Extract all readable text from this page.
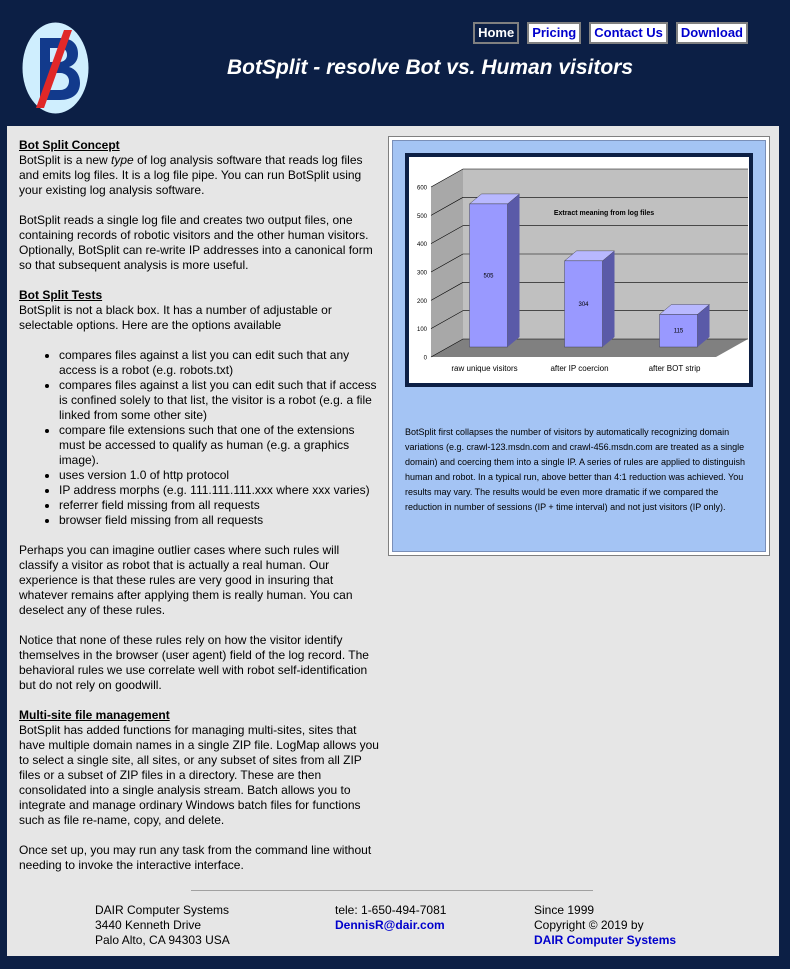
BotSplit - resolve Bot vs. Human visitors
Home	Pricing	Contact Us	Download
Bot Split Concept

BotSplit is a new type of log analysis software that reads log files and emits log files. It is a log file pipe. You can run BotSplit using your existing log analysis software.

BotSplit reads a single log file and creates two output files, one containing records of robotic visitors and the other human visitors. Optionally, BotSplit can re-write IP addresses into a canonical form so that subsequent analysis is more useful.

Bot Split Tests

BotSplit is not a black box. It has a number of adjustable or selectable options. Here are the options available

• compares files against a list you can edit such that any access is a robot (e.g. robots.txt)
• compares files against a list you can edit such that if access is confined solely to that list, the visitor is a robot (e.g. a file linked from some other site)
• compare file extensions such that one of the extensions must be accessed to qualify as human (e.g. a graphics image).
• uses version 1.0 of http protocol
• IP address morphs (e.g. 111.111.111.xxx where xxx varies)
• referrer field missing from all requests
• browser field missing from all requests

Perhaps you can imagine outlier cases where such rules will classify a visitor as robot that is actually a real human. Our experience is that these rules are very good in insuring that whatever remains after applying them is really human. You can deselect any of these rules.

Notice that none of these rules rely on how the visitor identify themselves in the browser (user agent) field of the log record. The behavioral rules we use correlate well with robot self-identification but do not rely on goodwill.

Multi-site file management

BotSplit has added functions for managing multi-sites, sites that have multiple domain names in a single ZIP file. LogMap allows you to select a single site, all sites, or any subset of sites from all ZIP files or a subset of ZIP files in a directory. These are then consolidated into a single analysis stream. Batch allows you to integrate and manage ordinary Windows batch files for functions such as file re-name, copy, and delete.

Once set up, you may run any task from the command line without needing to invoke the interactive interface.

0
100
200
300
400
500
600
Extract meaning from log files
505
raw unique visitors
304
after IP coercion
115
after BOT strip
BotSplit first collapses the number of visitors by automatically recognizing domain variations (e.g. crawl-123.msdn.com and crawl-456.msdn.com are treated as a single domain) and coercing them into a single IP. A series of rules are applied to distinguish human and robot. In a typical run, above better than 4:1 reduction was achieved. You results may vary. The results would be even more dramatic if we compared the reduction in number of sessions (IP + time interval) and not just visitors (IP only).
DAIR Computer Systems
3440 Kenneth Drive
Palo Alto, CA 94303 USA
tele: 1-650-494-7081
DennisR@dair.com
Since 1999
Copyright © 2019 by
DAIR Computer Systems
